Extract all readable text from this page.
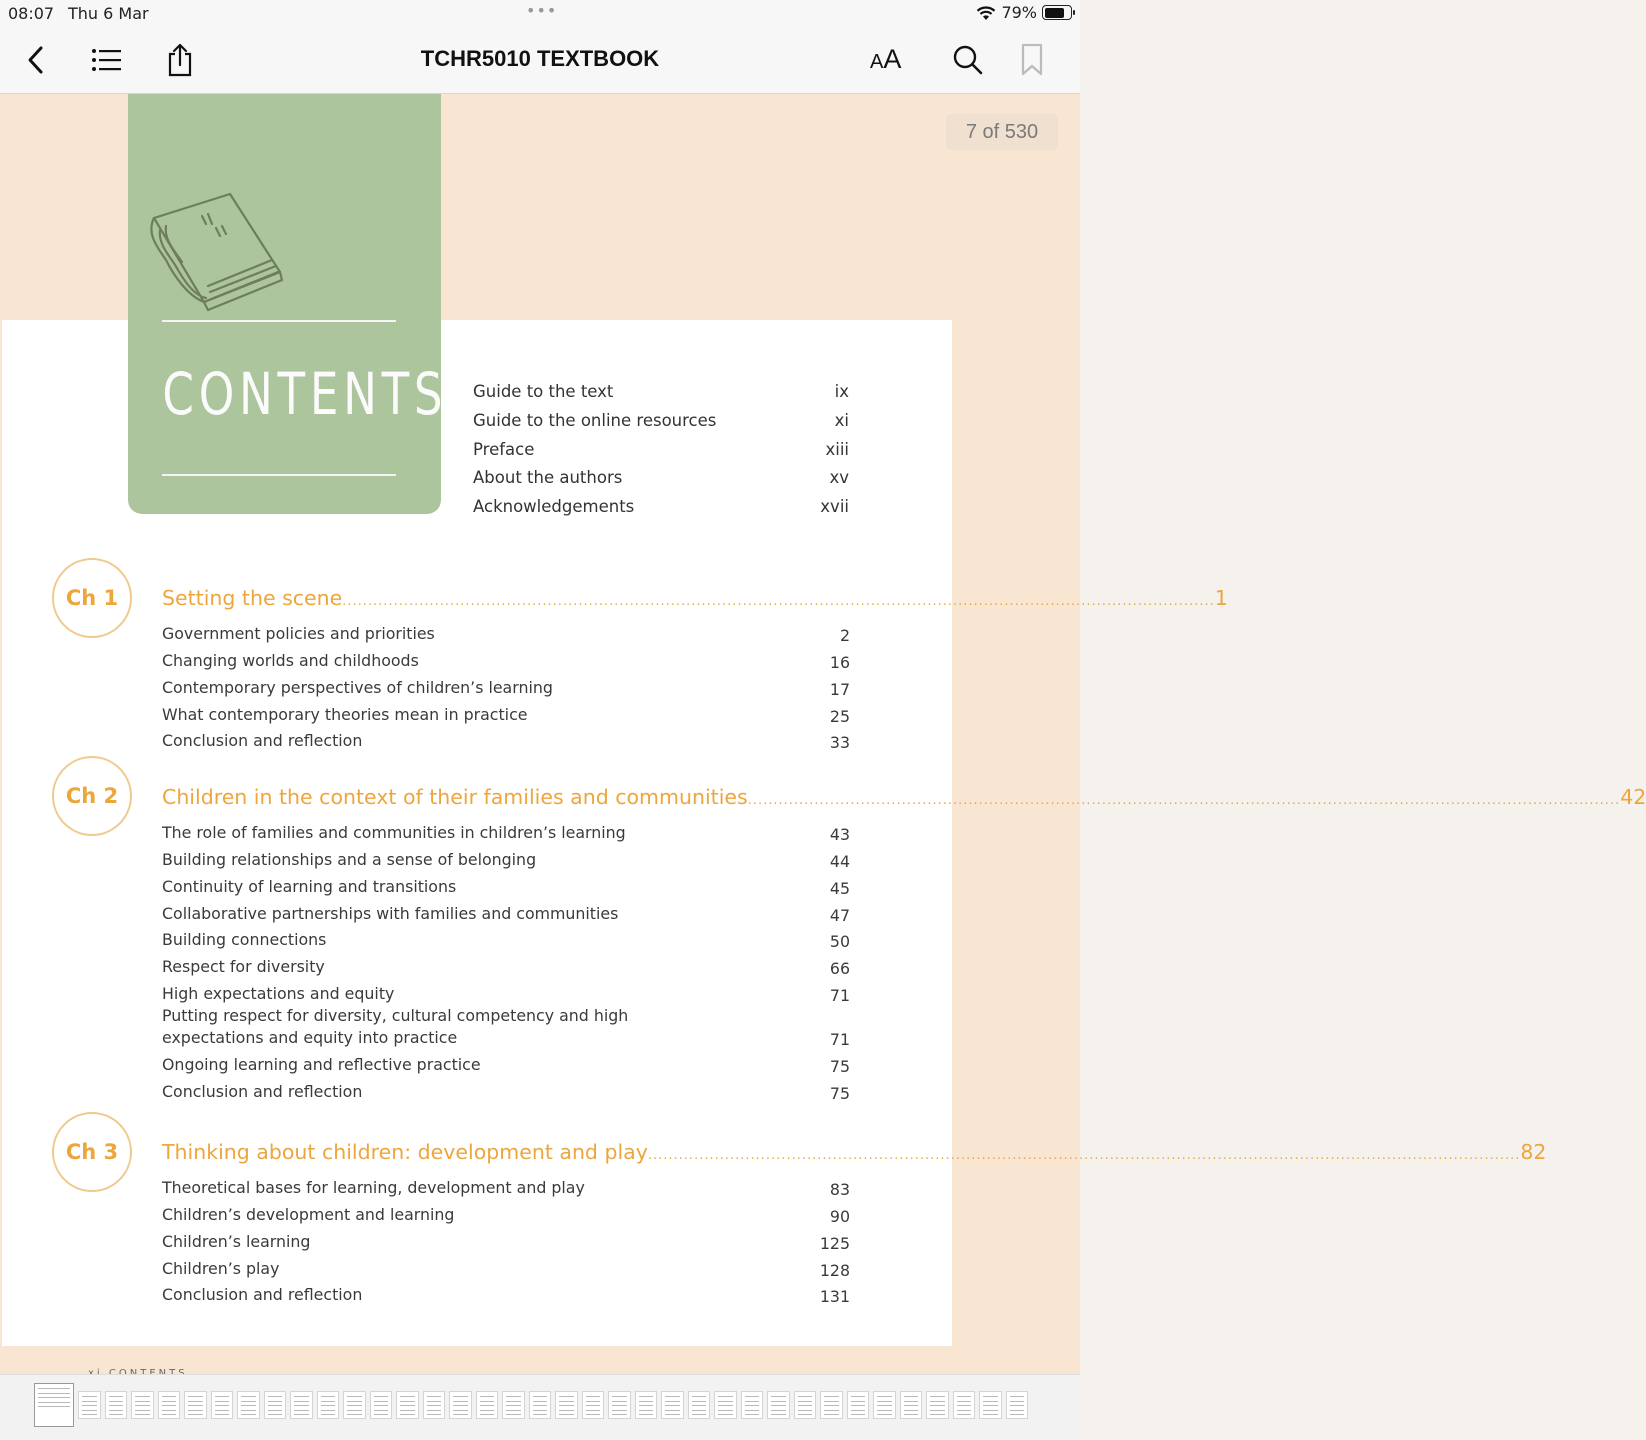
08:07 Thu 6 Mar	•••	79%
TCHR5010 TEXTBOOK	AA
7 of 530
CONTENTS Guide to the text	ix
Guide to the online resources	xi
Preface	xiii
About the authors	xv
Acknowledgements	xvii
Ch 1	Setting the scene .......................................................................................................................................................................... 1
Government policies and priorities	2
Changing worlds and childhoods	16
Contemporary perspectives of children’s learning	17
What contemporary theories mean in practice	25
Conclusion and reflection	33
Ch 2	Children in the context of their families and communities .......................................................................................................................................................................... 42
The role of families and communities in children’s learning	43
Building relationships and a sense of belonging	44
Continuity of learning and transitions	45
Collaborative partnerships with families and communities	47
Building connections	50
Respect for diversity	66
High expectations and equity	71
Putting respect for diversity, cultural competency and high expectations and equity into practice	71
Ongoing learning and reflective practice	75
Conclusion and reflection	75
Ch 3	Thinking about children: development and play .......................................................................................................................................................................... 82
Theoretical bases for learning, development and play	83
Children’s development and learning	90
Children’s learning	125
Children’s play	128
Conclusion and reflection	131
